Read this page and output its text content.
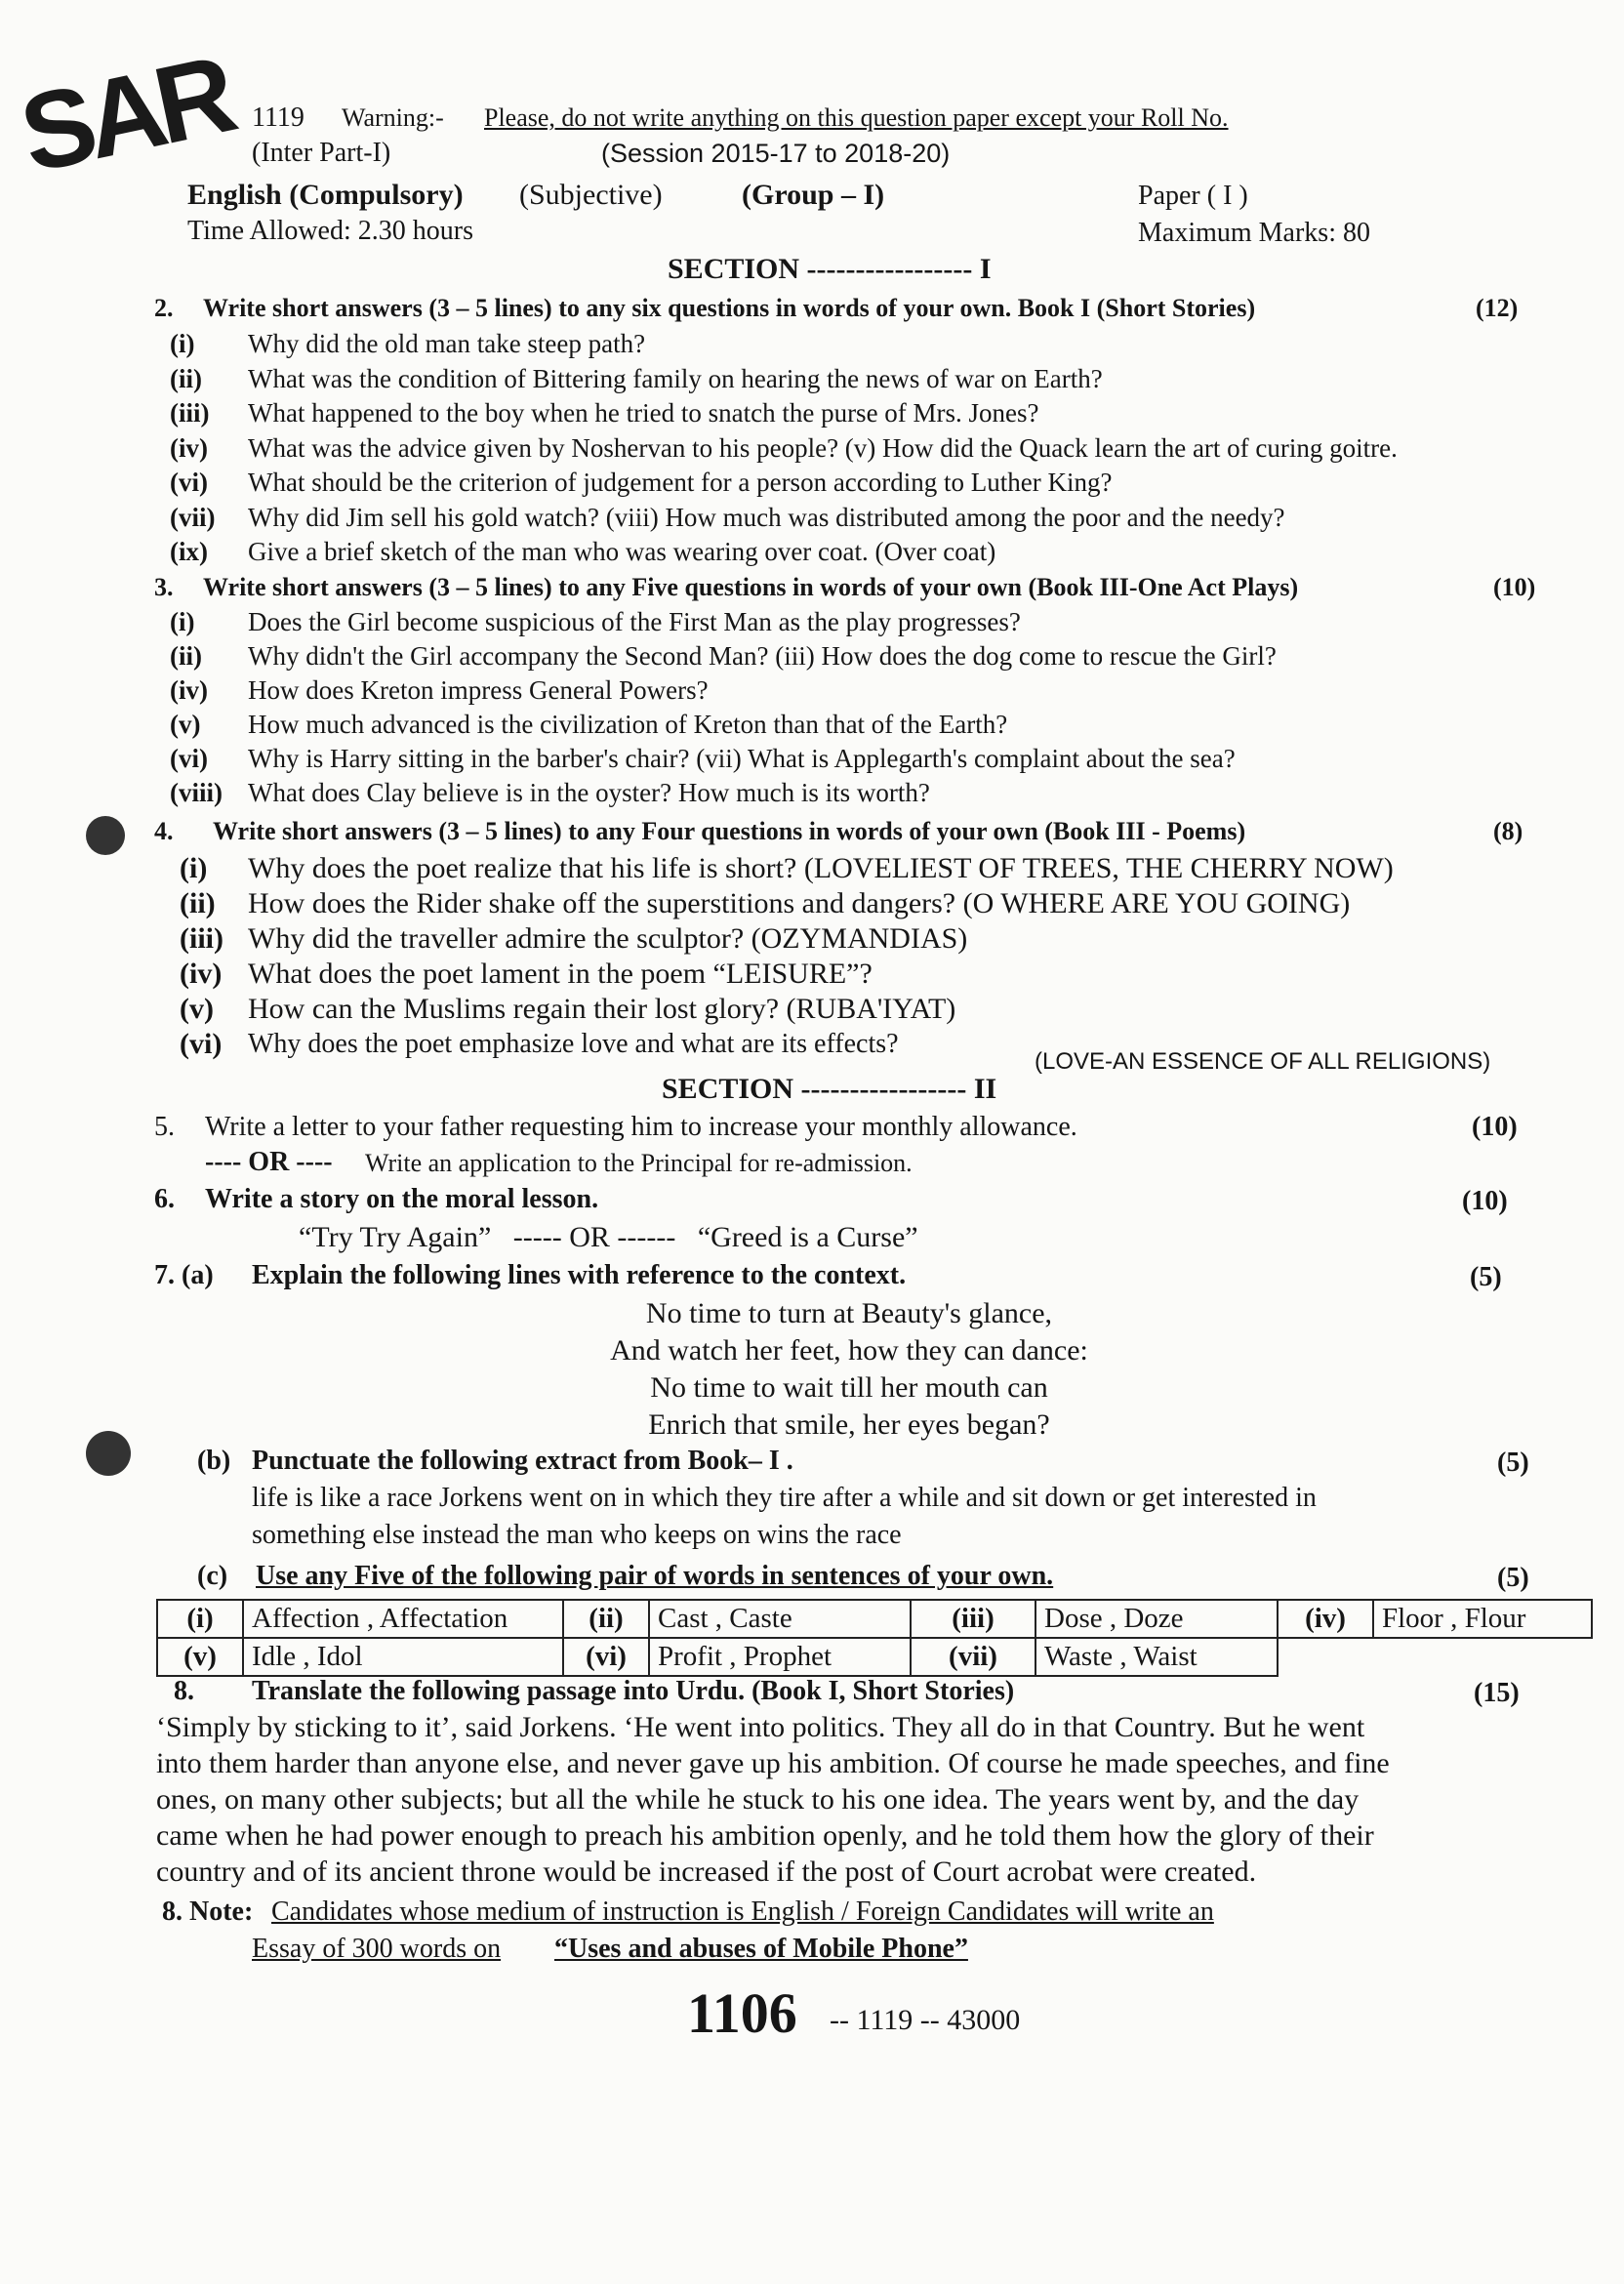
SAR 1119 Warning:- Please, do not write anything on this question paper except your Roll No.
(Inter Part-I)	(Session 2015-17 to 2018-20)
English (Compulsory) (Subjective)	(Group – I)	Paper ( I )
Time Allowed: 2.30 hours	Maximum Marks: 80
SECTION ----------------- I
2. Write short answers (3 – 5 lines) to any six questions in words of your own. Book I (Short Stories)	(12)
(i) Why did the old man take steep path?
(ii) What was the condition of Bittering family on hearing the news of war on Earth?
(iii) What happened to the boy when he tried to snatch the purse of Mrs. Jones?
(iv) What was the advice given by Noshervan to his people? (v) How did the Quack learn the art of curing goitre.
(vi) What should be the criterion of judgement for a person according to Luther King?
(vii) Why did Jim sell his gold watch? (viii) How much was distributed among the poor and the needy?
(ix) Give a brief sketch of the man who was wearing over coat. (Over coat)
3. Write short answers (3 – 5 lines) to any Five questions in words of your own (Book III-One Act Plays)	(10)
(i) Does the Girl become suspicious of the First Man as the play progresses?
(ii) Why didn't the Girl accompany the Second Man? (iii) How does the dog come to rescue the Girl?
(iv) How does Kreton impress General Powers?
(v) How much advanced is the civilization of Kreton than that of the Earth?
(vi) Why is Harry sitting in the barber's chair? (vii) What is Applegarth's complaint about the sea?
(viii) What does Clay believe is in the oyster? How much is its worth?
4. Write short answers (3 – 5 lines) to any Four questions in words of your own (Book III - Poems)	(8)
(i) Why does the poet realize that his life is short? (LOVELIEST OF TREES, THE CHERRY NOW)
(ii) How does the Rider shake off the superstitions and dangers? (O WHERE ARE YOU GOING)
(iii) Why did the traveller admire the sculptor? (OZYMANDIAS)
(iv) What does the poet lament in the poem “LEISURE”?
(v) How can the Muslims regain their lost glory? (RUBA'IYAT)
(vi) Why does the poet emphasize love and what are its effects?
(LOVE-AN ESSENCE OF ALL RELIGIONS)
SECTION ----------------- II
5. Write a letter to your father requesting him to increase your monthly allowance.	(10)
---- OR ---- Write an application to the Principal for re-admission.
6. Write a story on the moral lesson.	(10)
“Try Try Again”   ----- OR ------   “Greed is a Curse”
7. (a) Explain the following lines with reference to the context.	(5)
No time to turn at Beauty's glance,
And watch her feet, how they can dance:
No time to wait till her mouth can
Enrich that smile, her eyes began?
(b) Punctuate the following extract from Book– I .	(5)
life is like a race Jorkens went on in which they tire after a while and sit down or get interested in
something else instead the man who keeps on wins the race
(c) Use any Five of the following pair of words in sentences of your own.	(5)
(i)	Affection , Affectation	(ii)	Cast , Caste	(iii)	Dose , Doze	(iv)	Floor , Flour
(v)	Idle , Idol	(vi)	Profit , Prophet	(vii)	Waste , Waist		
8. Translate the following passage into Urdu. (Book I, Short Stories)	(15)
‘Simply by sticking to it’, said Jorkens. ‘He went into politics. They all do in that Country. But he went
into them harder than anyone else, and never gave up his ambition. Of course he made speeches, and fine
ones, on many other subjects; but all the while he stuck to his one idea. The years went by, and the day
came when he had power enough to preach his ambition openly, and he told them how the glory of their
country and of its ancient throne would be increased if the post of Court acrobat were created.
8. Note: Candidates whose medium of instruction is English / Foreign Candidates will write an
Essay of 300 words on “Uses and abuses of Mobile Phone”
1106 -- 1119 -- 43000
